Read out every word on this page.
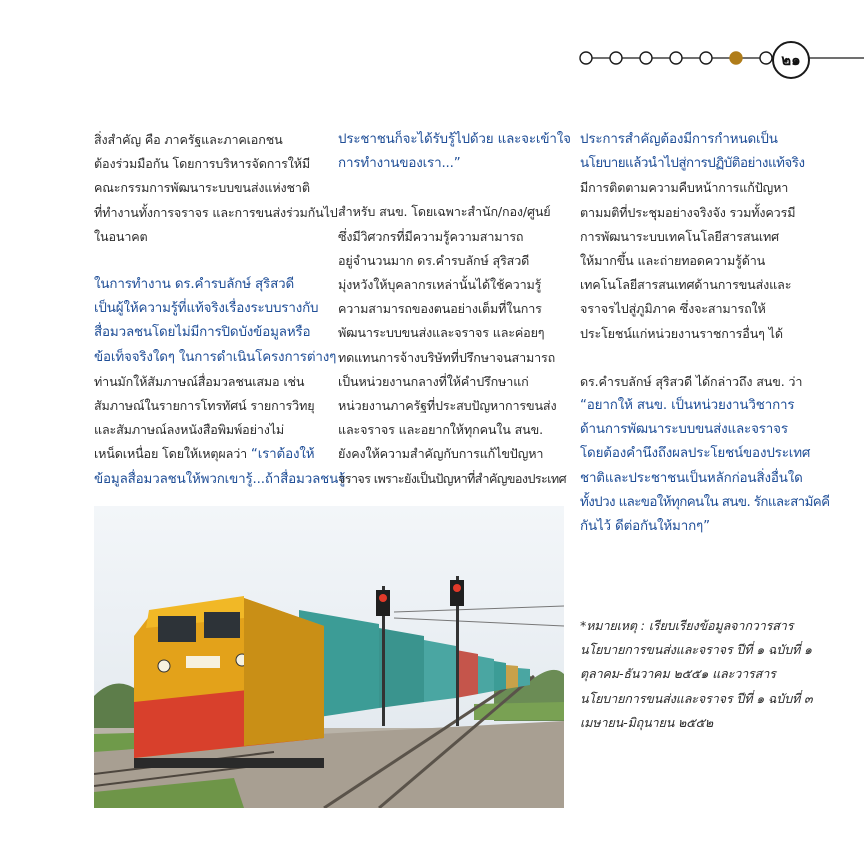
๒๑

สิ่งสำคัญ คือ ภาครัฐและภาคเอกชน
ต้องร่วมมือกัน โดยการบริหารจัดการให้มี
คณะกรรมการพัฒนาระบบขนส่งแห่งชาติ
ที่ทำงานทั้งการจราจร และการขนส่งร่วมกันไป
ในอนาคต

ในการทำงาน ดร.คำรบลักษ์ สุริสวดี
เป็นผู้ให้ความรู้ที่แท้จริงเรื่องระบบรางกับ
สื่อมวลชนโดยไม่มีการปิดบังข้อมูลหรือ
ข้อเท็จจริงใดๆ ในการดำเนินโครงการต่างๆ
ท่านมักให้สัมภาษณ์สื่อมวลชนเสมอ เช่น
สัมภาษณ์ในรายการโทรทัศน์ รายการวิทยุ
และสัมภาษณ์ลงหนังสือพิมพ์อย่างไม่
เหน็ดเหนื่อย โดยให้เหตุผลว่า “เราต้องให้
ข้อมูลสื่อมวลชนให้พวกเขารู้...ถ้าสื่อมวลชนรู้

ประชาชนก็จะได้รับรู้ไปด้วย และจะเข้าใจ
การทำงานของเรา...”

สำหรับ สนข. โดยเฉพาะสำนัก/กอง/ศูนย์
ซึ่งมีวิศวกรที่มีความรู้ความสามารถ
อยู่จำนวนมาก ดร.คำรบลักษ์ สุริสวดี
มุ่งหวังให้บุคลากรเหล่านั้นได้ใช้ความรู้
ความสามารถของตนอย่างเต็มที่ในการ
พัฒนาระบบขนส่งและจราจร และค่อยๆ
ทดแทนการจ้างบริษัทที่ปรึกษาจนสามารถ
เป็นหน่วยงานกลางที่ให้คำปรึกษาแก่
หน่วยงานภาครัฐที่ประสบปัญหาการขนส่ง
และจราจร และอยากให้ทุกคนใน สนข.
ยังคงให้ความสำคัญกับการแก้ไขปัญหา
จราจร เพราะยังเป็นปัญหาที่สำคัญของประเทศ

ประการสำคัญต้องมีการกำหนดเป็น
นโยบายแล้วนำไปสู่การปฏิบัติอย่างแท้จริง
มีการติดตามความคืบหน้าการแก้ปัญหา
ตามมติที่ประชุมอย่างจริงจัง รวมทั้งควรมี
การพัฒนาระบบเทคโนโลยีสารสนเทศ
ให้มากขึ้น และถ่ายทอดความรู้ด้าน
เทคโนโลยีสารสนเทศด้านการขนส่งและ
จราจรไปสู่ภูมิภาค ซึ่งจะสามารถให้
ประโยชน์แก่หน่วยงานราชการอื่นๆ ได้

ดร.คำรบลักษ์ สุริสวดี ได้กล่าวถึง สนข. ว่า
“อยากให้ สนข. เป็นหน่วยงานวิชาการ
ด้านการพัฒนาระบบขนส่งและจราจร
โดยต้องคำนึงถึงผลประโยชน์ของประเทศ
ชาติและประชาชนเป็นหลักก่อนสิ่งอื่นใด
ทั้งปวง และขอให้ทุกคนใน สนข. รักและสามัคคี
กันไว้ ดีต่อกันให้มากๆ”

*หมายเหตุ : เรียบเรียงข้อมูลจากวารสาร
นโยบายการขนส่งและจราจร ปีที่ ๑ ฉบับที่ ๑
ตุลาคม-ธันวาคม ๒๕๕๑ และวารสาร
นโยบายการขนส่งและจราจร ปีที่ ๑ ฉบับที่ ๓
เมษายน-มิถุนายน ๒๕๕๒
